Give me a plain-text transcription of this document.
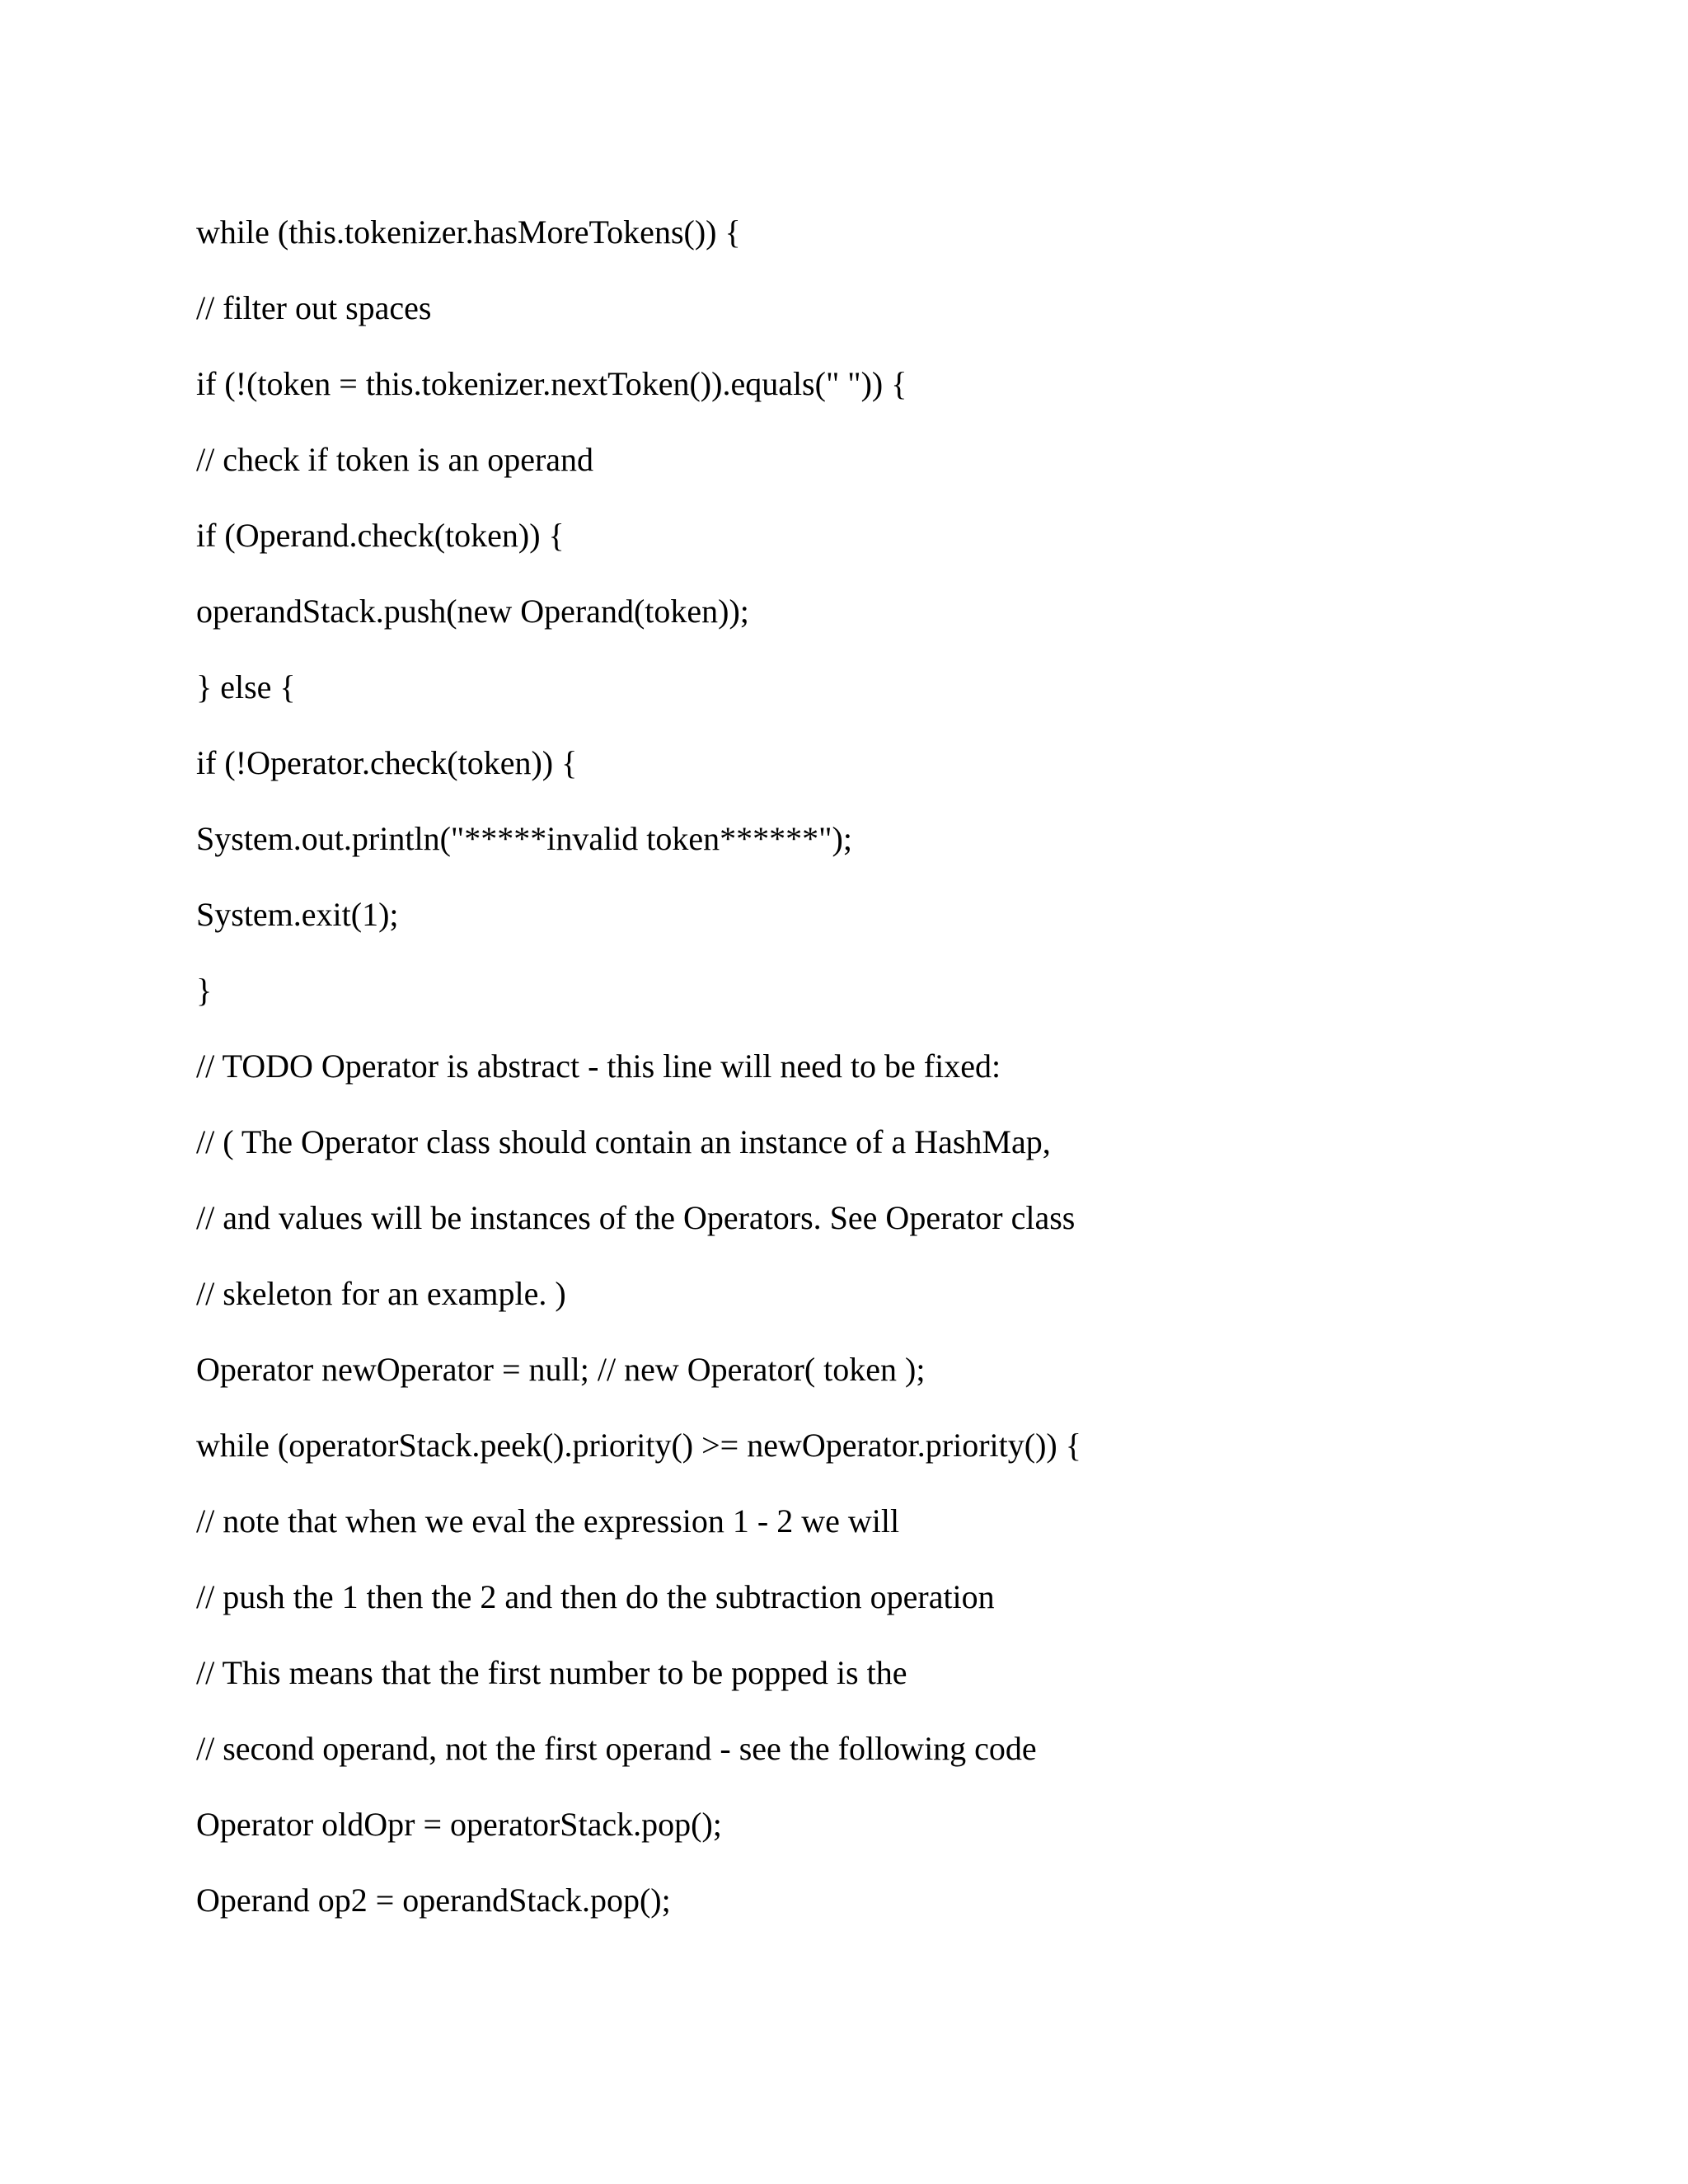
while (this.tokenizer.hasMoreTokens()) {
// filter out spaces
if (!(token = this.tokenizer.nextToken()).equals(" ")) {
// check if token is an operand
if (Operand.check(token)) {
operandStack.push(new Operand(token));
} else {
if (!Operator.check(token)) {
System.out.println("*****invalid token******");
System.exit(1);
}
// TODO Operator is abstract - this line will need to be fixed:
// ( The Operator class should contain an instance of a HashMap,
// and values will be instances of the Operators. See Operator class
// skeleton for an example. )
Operator newOperator = null; // new Operator( token );
while (operatorStack.peek().priority() >= newOperator.priority()) {
// note that when we eval the expression 1 - 2 we will
// push the 1 then the 2 and then do the subtraction operation
// This means that the first number to be popped is the
// second operand, not the first operand - see the following code
Operator oldOpr = operatorStack.pop();
Operand op2 = operandStack.pop();
